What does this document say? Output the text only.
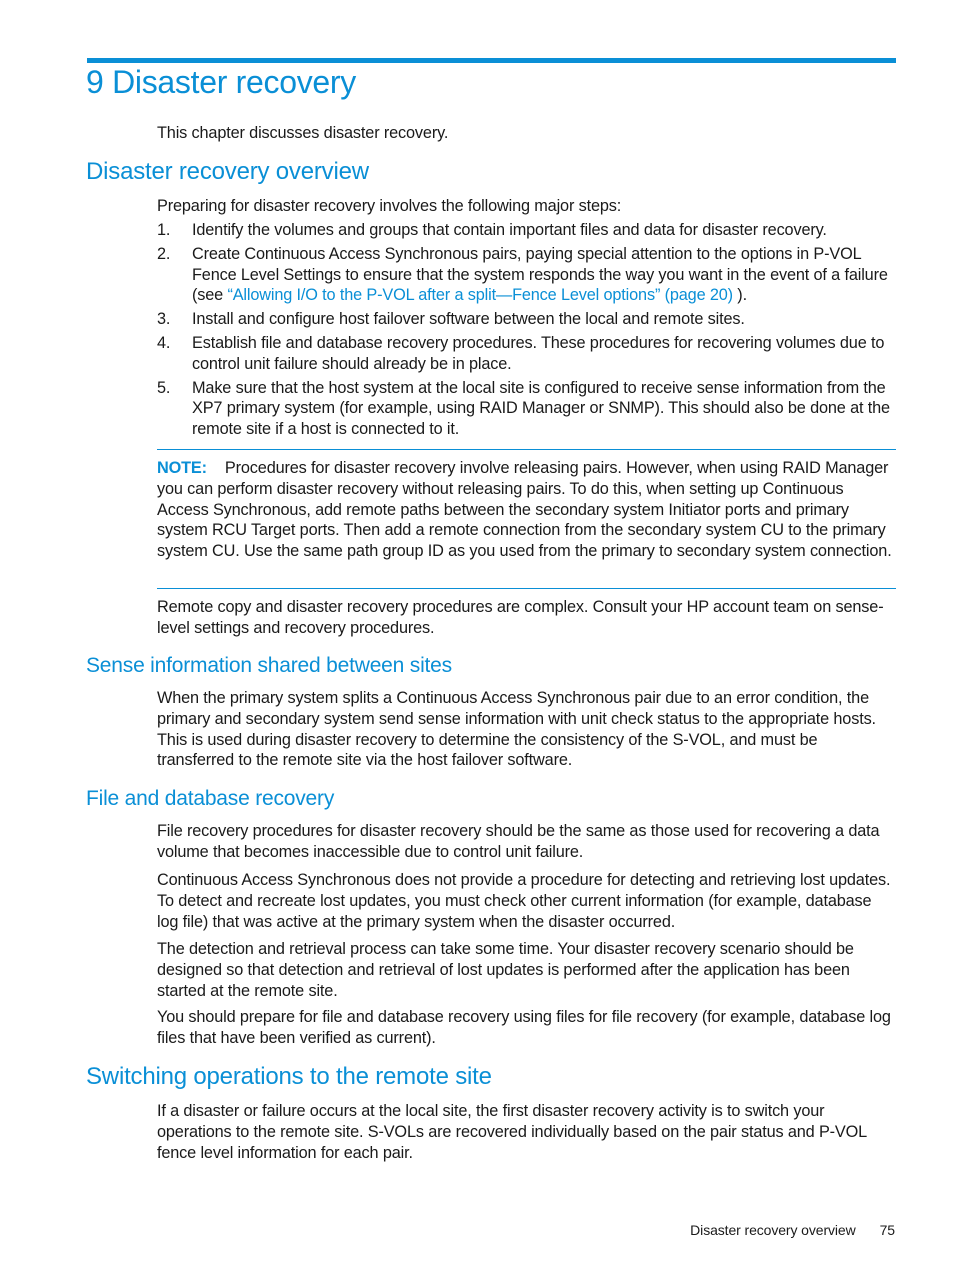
9 Disaster recovery

This chapter discusses disaster recovery.

Disaster recovery overview

Preparing for disaster recovery involves the following major steps:

1. Identify the volumes and groups that contain important files and data for disaster recovery.
2. Create Continuous Access Synchronous pairs, paying special attention to the options in P-VOL Fence Level Settings to ensure that the system responds the way you want in the event of a failure (see “Allowing I/O to the P-VOL after a split—Fence Level options” (page 20) ).
3. Install and configure host failover software between the local and remote sites.
4. Establish file and database recovery procedures. These procedures for recovering volumes due to control unit failure should already be in place.
5. Make sure that the host system at the local site is configured to receive sense information from the XP7 primary system (for example, using RAID Manager or SNMP). This should also be done at the remote site if a host is connected to it.

NOTE: Procedures for disaster recovery involve releasing pairs. However, when using RAID Manager you can perform disaster recovery without releasing pairs. To do this, when setting up Continuous Access Synchronous, add remote paths between the secondary system Initiator ports and primary system RCU Target ports. Then add a remote connection from the secondary system CU to the primary system CU. Use the same path group ID as you used from the primary to secondary system connection.

Remote copy and disaster recovery procedures are complex. Consult your HP account team on sense-level settings and recovery procedures.

Sense information shared between sites

When the primary system splits a Continuous Access Synchronous pair due to an error condition, the primary and secondary system send sense information with unit check status to the appropriate hosts. This is used during disaster recovery to determine the consistency of the S-VOL, and must be transferred to the remote site via the host failover software.

File and database recovery

File recovery procedures for disaster recovery should be the same as those used for recovering a data volume that becomes inaccessible due to control unit failure.

Continuous Access Synchronous does not provide a procedure for detecting and retrieving lost updates. To detect and recreate lost updates, you must check other current information (for example, database log file) that was active at the primary system when the disaster occurred.

The detection and retrieval process can take some time. Your disaster recovery scenario should be designed so that detection and retrieval of lost updates is performed after the application has been started at the remote site.

You should prepare for file and database recovery using files for file recovery (for example, database log files that have been verified as current).

Switching operations to the remote site

If a disaster or failure occurs at the local site, the first disaster recovery activity is to switch your operations to the remote site. S-VOLs are recovered individually based on the pair status and P-VOL fence level information for each pair.

Disaster recovery overview 75
